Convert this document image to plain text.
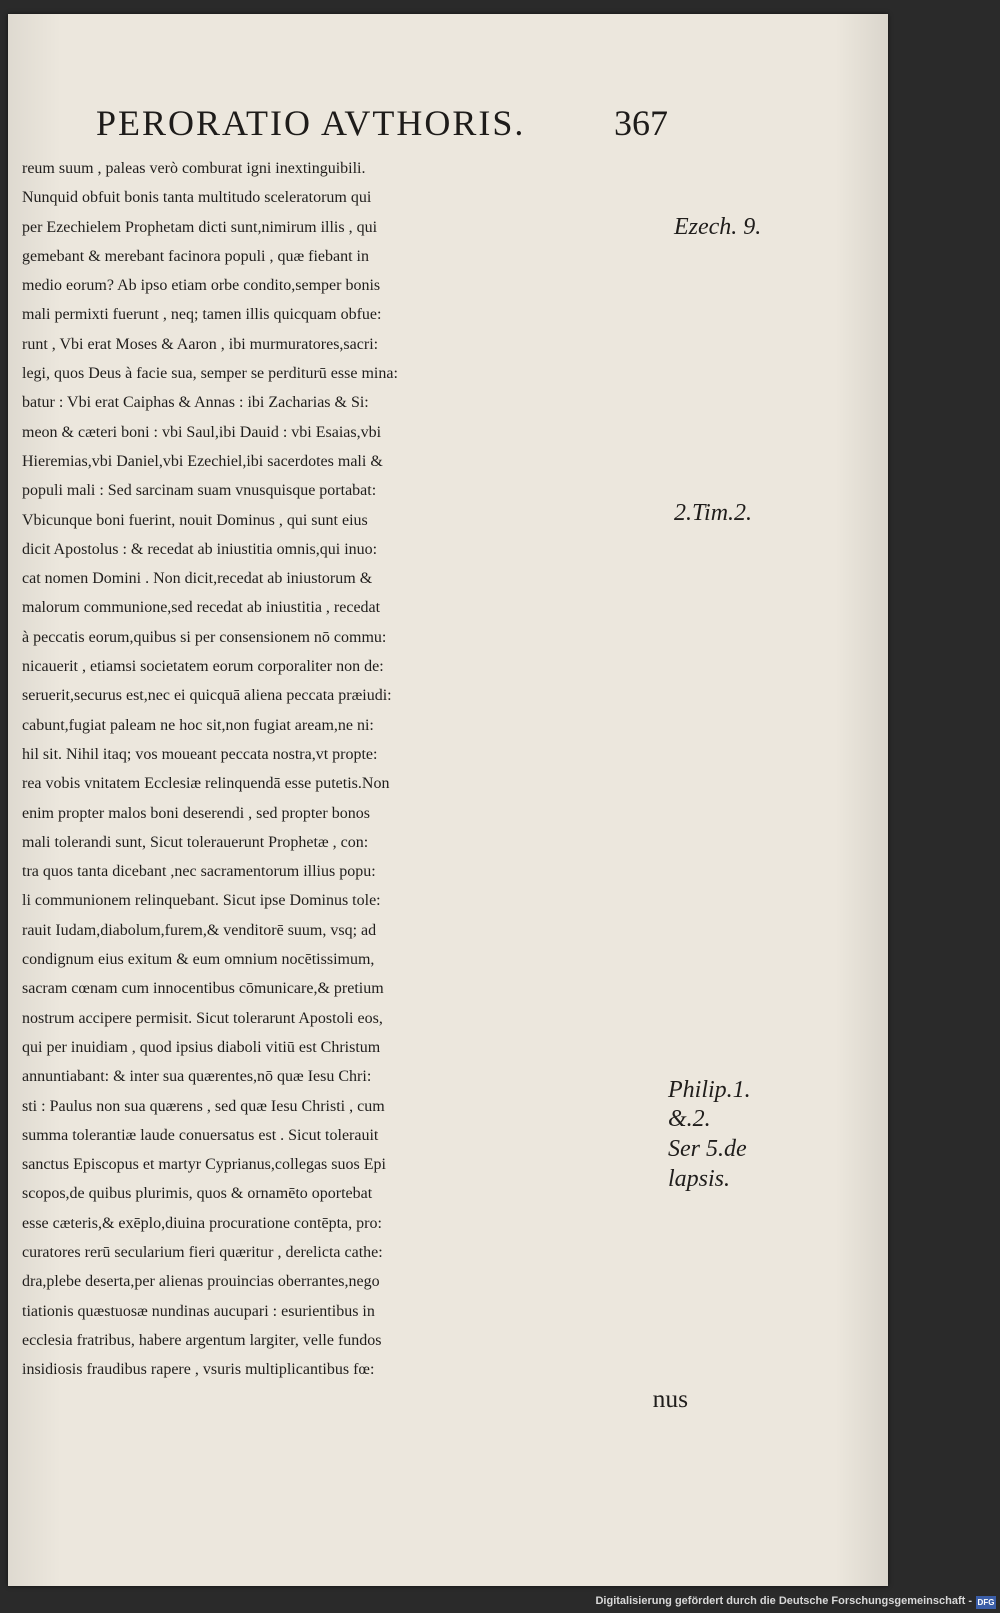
PERORATIO AVTHORIS. 367
reum suum , paleas verò comburat igni inextinguibili.
Nunquid obfuit bonis tanta multitudo sceleratorum qui
per Ezechielem Prophetam dicti sunt,nimirum illis , qui
gemebant & merebant facinora populi , quæ fiebant in
medio eorum? Ab ipso etiam orbe condito,semper bonis
mali permixti fuerunt , neq; tamen illis quicquam obfue:
runt , Vbi erat Moses & Aaron , ibi murmuratores,sacri:
legi, quos Deus à facie sua, semper se perditurū esse mina:
batur : Vbi erat Caiphas & Annas : ibi Zacharias & Si:
meon & cæteri boni : vbi Saul,ibi Dauid : vbi Esaias,vbi
Hieremias,vbi Daniel,vbi Ezechiel,ibi sacerdotes mali &
populi mali : Sed sarcinam suam vnusquisque portabat:
Vbicunque boni fuerint, nouit Dominus , qui sunt eius
dicit Apostolus : & recedat ab iniustitia omnis,qui inuo:
cat nomen Domini . Non dicit,recedat ab iniustorum &
malorum communione,sed recedat ab iniustitia , recedat
à peccatis eorum,quibus si per consensionem nō commu:
nicauerit , etiamsi societatem eorum corporaliter non de:
seruerit,securus est,nec ei quicquā aliena peccata præiudi:
cabunt,fugiat paleam ne hoc sit,non fugiat aream,ne ni:
hil sit. Nihil itaq; vos moueant peccata nostra,vt propte:
rea vobis vnitatem Ecclesiæ relinquendā esse putetis.Non
enim propter malos boni deserendi , sed propter bonos
mali tolerandi sunt, Sicut tolerauerunt Prophetæ , con:
tra quos tanta dicebant ,nec sacramentorum illius popu:
li communionem relinquebant. Sicut ipse Dominus tole:
rauit Iudam,diabolum,furem,& venditorē suum, vsq; ad
condignum eius exitum & eum omnium nocētissimum,
sacram cœnam cum innocentibus cōmunicare,& pretium
nostrum accipere permisit. Sicut tolerarunt Apostoli eos,
qui per inuidiam , quod ipsius diaboli vitiū est Christum
annuntiabant: & inter sua quærentes,nō quæ Iesu Chri:
sti : Paulus non sua quærens , sed quæ Iesu Christi , cum
summa tolerantiæ laude conuersatus est . Sicut tolerauit
sanctus Episcopus et martyr Cyprianus,collegas suos Epi
scopos,de quibus plurimis, quos & ornamēto oportebat
esse cæteris,& exēplo,diuina procuratione contēpta, pro:
curatores rerū secularium fieri quæritur , derelicta cathe:
dra,plebe deserta,per alienas prouincias oberrantes,nego
tiationis quæstuosæ nundinas aucupari : esurientibus in
ecclesia fratribus, habere argentum largiter, velle fundos
insidiosis fraudibus rapere , vsuris multiplicantibus fœ:
nus
Ezech. 9.
2.Tim.2.
Philip.1.
&.2.
Ser 5.de
lapsis.
Digitalisierung gefördert durch die Deutsche Forschungsgemeinschaft - DFG
